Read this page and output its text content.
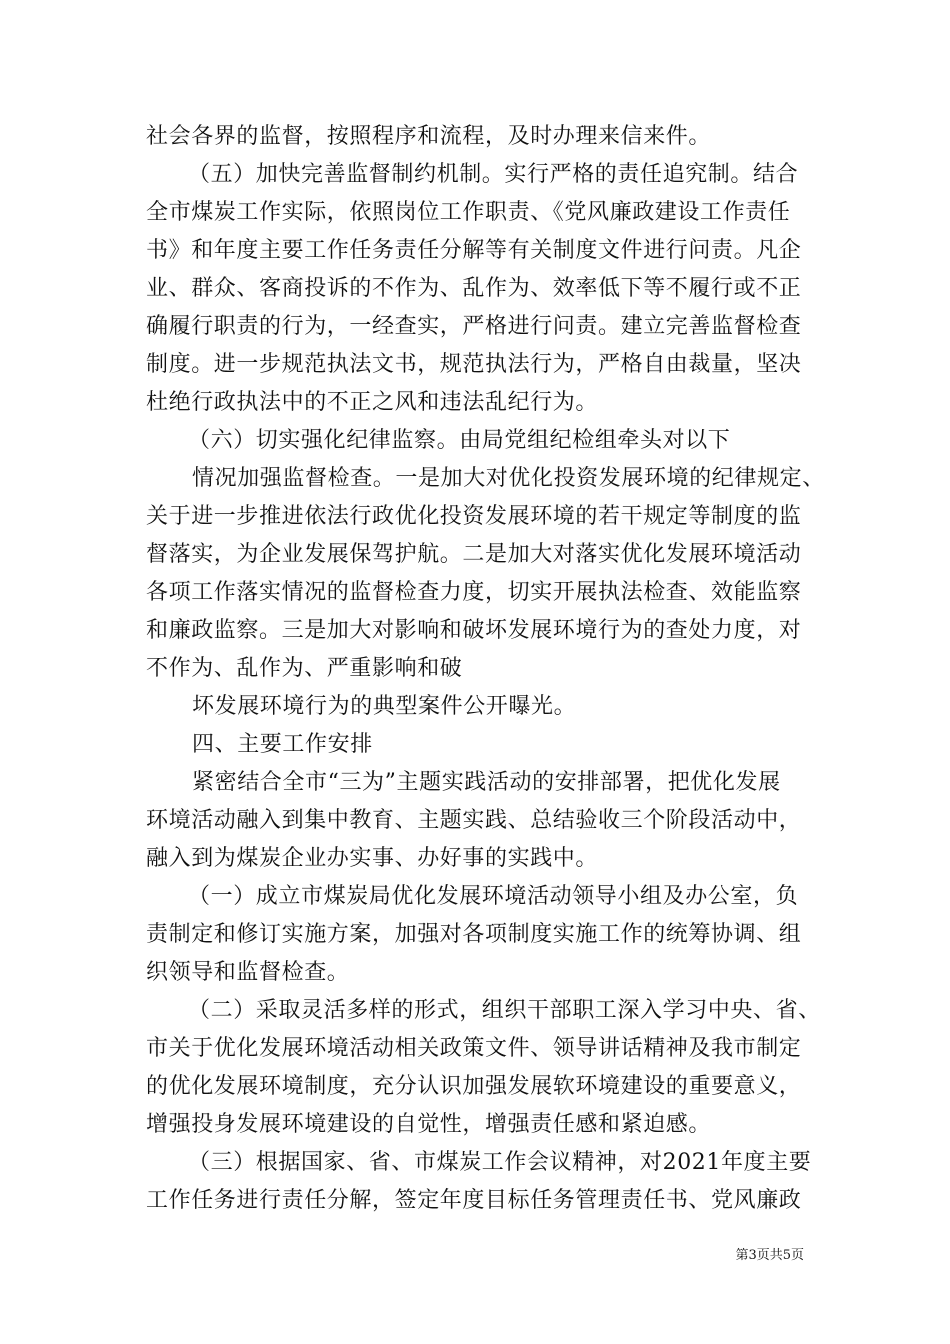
社会各界的监督，按照程序和流程，及时办理来信来件。
（五）加快完善监督制约机制。实行严格的责任追究制。结合
全市煤炭工作实际，依照岗位工作职责、《党风廉政建设工作责任
书》和年度主要工作任务责任分解等有关制度文件进行问责。凡企
业、群众、客商投诉的不作为、乱作为、效率低下等不履行或不正
确履行职责的行为，一经查实，严格进行问责。建立完善监督检查
制度。进一步规范执法文书，规范执法行为，严格自由裁量，坚决
杜绝行政执法中的不正之风和违法乱纪行为。
（六）切实强化纪律监察。由局党组纪检组牵头对以下
情况加强监督检查。一是加大对优化投资发展环境的纪律规定、
关于进一步推进依法行政优化投资发展环境的若干规定等制度的监
督落实，为企业发展保驾护航。二是加大对落实优化发展环境活动
各项工作落实情况的监督检查力度，切实开展执法检查、效能监察
和廉政监察。三是加大对影响和破坏发展环境行为的查处力度，对
不作为、乱作为、严重影响和破
坏发展环境行为的典型案件公开曝光。
四、主要工作安排
紧密结合全市“三为”主题实践活动的安排部署，把优化发展
环境活动融入到集中教育、主题实践、总结验收三个阶段活动中，
融入到为煤炭企业办实事、办好事的实践中。
（一）成立市煤炭局优化发展环境活动领导小组及办公室，负
责制定和修订实施方案，加强对各项制度实施工作的统筹协调、组
织领导和监督检查。
（二）采取灵活多样的形式，组织干部职工深入学习中央、省、
市关于优化发展环境活动相关政策文件、领导讲话精神及我市制定
的优化发展环境制度，充分认识加强发展软环境建设的重要意义，
增强投身发展环境建设的自觉性，增强责任感和紧迫感。
（三）根据国家、省、市煤炭工作会议精神，对2021年度主要
工作任务进行责任分解，签定年度目标任务管理责任书、党风廉政
第3页共5页
